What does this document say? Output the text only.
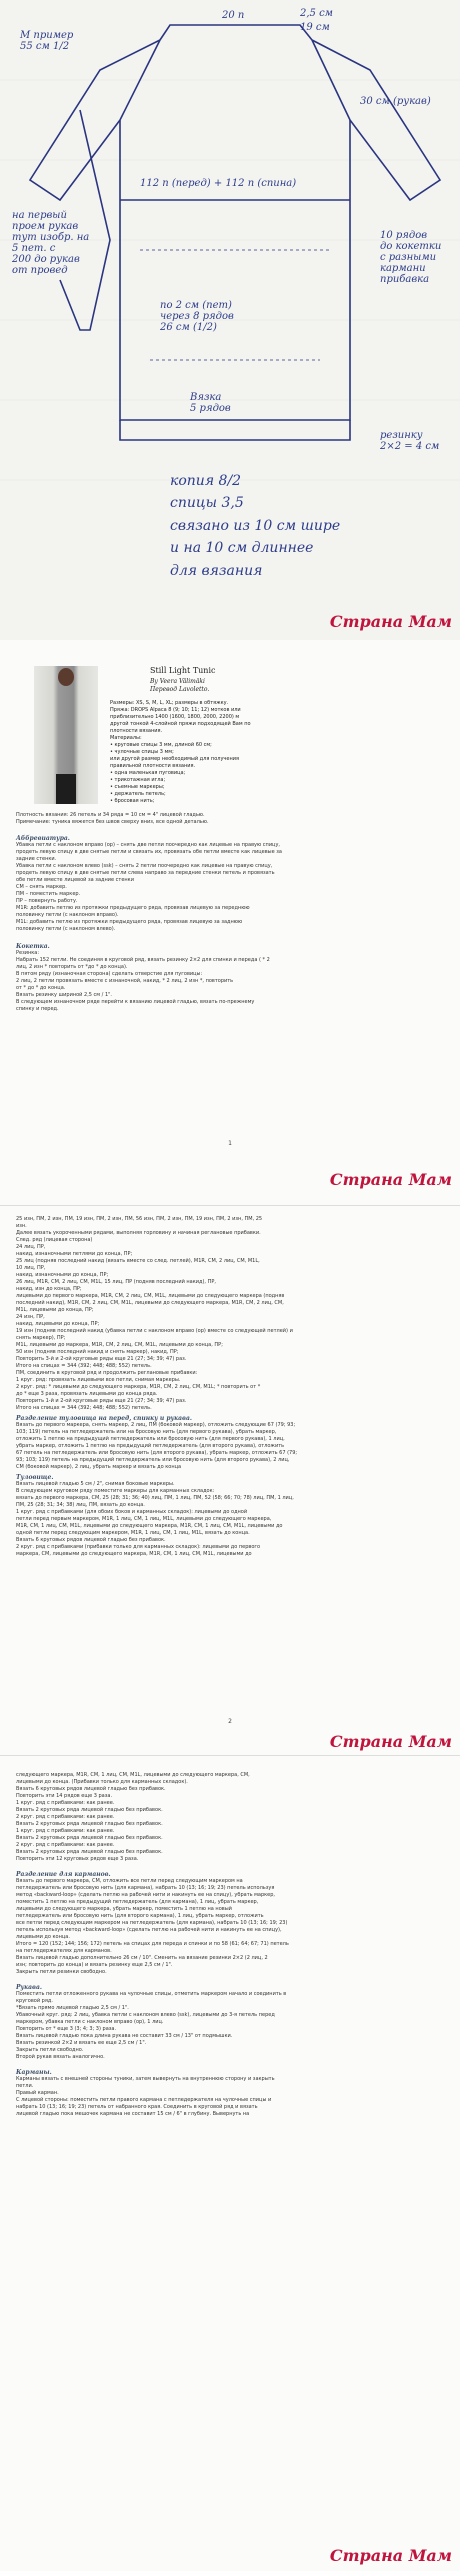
М пример
55 см 1/2
на первый
проем рукав
тут изобр. на
5 пет. с
200 до рукав
от провед
20 п	2,5 см
19 см
30 см (рукав)
112 п (перед) + 112 п (спина)
10 рядов
до кокетки
с разными
кармани
прибавка
по 2 см (пет)
через 8 рядов
26 см (1/2)
Вязка
5 рядов
резинку
2×2 = 4 см
копия 8/2
спицы 3,5
связано из 10 см шире
и на 10 см длиннее
для вязания
Страна Мам
Still Light Tunic
By Veera Välimäki
Перевод Lavoletto.
Размеры: XS, S, M, L, XL; размеры в обтяжку.
Пряжа: DROPS Alpaca 8 (9; 10; 11; 12) мотков или
приблизительно 1400 (1600, 1800, 2000, 2200) м
другой тонкой 4-слойной пряжи подходящей Вам по
плотности вязания.
Материалы:
• круговые спицы 3 мм, длиной 60 см;
• чулочные спицы 3 мм;
или другой размер необходимый для получения
правильной плотности вязания.
• одна маленькая пуговица;
• трикотажная игла;
• съемные маркеры;
• держатель петель;
• бросовая нить;
Плотность вязания: 26 петель и 34 ряда = 10 см = 4" лицевой гладью.
Примечание: туника вяжется без швов сверху вниз, все одной деталью.
Аббревиатура.
Убавка петли с наклоном вправо (ор) – снять две петли поочередно как лицевые на правую спицу,
продеть левую спицу в две снятые петли и связать их, провязать обе петли вместе как лицевые за
задние стенки.
Убавка петли с наклоном влево (ssk) – снять 2 петли поочередно как лицевые на правую спицу,
продеть левую спицу в две снятые петли слева направо за передние стенки петель и провязать
обе петли вместе лицевой за задние стенки
СМ – снять маркер.
ПМ – поместить маркер.
ПР – повернуть работу.
M1R: добавить петлю из протяжки предыдущего ряда, провязав лицевую за переднюю
половинку петли (с наклоном вправо).
M1L: добавить петлю из протяжки предыдущего ряда, провязав лицевую за заднюю
половинку петли (с наклоном влево).
Кокетка.
Резинка:
Набрать 152 петли. Не соединяя в круговой ряд, вязать резинку 2×2 для спинки и переда ( * 2
лиц, 2 изн * повторить от *до * до конца).
В пятом ряду (изнаночная сторона) сделать отверстие для пуговицы:
2 лиц, 2 петли провязать вместе с изнаночной, накид, * 2 лиц, 2 изн *, повторить
от * до * до конца.
Вязать резинку шириной 2,5 см / 1".
В следующем изнаночном ряде перейти к вязанию лицевой гладью, вязать по-прежнему
спинку и перед.
1
Страна Мам
25 изн, ПМ, 2 изн, ПМ, 19 изн, ПМ, 2 изн, ПМ, 56 изн, ПМ, 2 изн, ПМ, 19 изн, ПМ, 2 изн, ПМ, 25
изн.
Далее вязать укороченными рядами, выполняя горловину и начиная реглановые прибавки.
След. ряд (лицевая сторона)
24 лиц, ПР,
накид, изнаночными петлями до конца, ПР;
25 лиц (подняв последний накид (вязать вместе со след. петлей), M1R, СМ, 2 лиц, СМ, M1L,
10 лиц, ПР,
накид, изнаночными до конца, ПР;
26 лиц, M1R, СМ, 2 лиц, СМ, M1L, 15 лиц, ПР (подняв последний накид), ПР,
накид, изн до конца, ПР;
лицевыми до первого маркера, M1R, СМ, 2 лиц, СМ, M1L, лицевыми до следующего маркера (подняв
последний накид), M1R, СМ, 2 лиц, СМ, M1L, лицевыми до следующего маркера, M1R, СМ, 2 лиц, СМ,
M1L, лицевыми до конца, ПР;
24 изн, ПР,
накид, лицевыми до конца, ПР;
19 изн (подняв последний накид (убавка петли с наклоном вправо (ор) вместе со следующей петлей) и
снять маркер), ПР;
M1L, лицевыми до маркера, M1R, СМ, 2 лиц, СМ, M1L, лицевыми до конца, ПР;
50 изн (подняв последний накид и снять маркер), накид, ПР;
Повторить 3-й и 2-ой круговые ряды еще 21 (27; 34; 39; 47) раз.
Итого на спицах = 344 (392; 448; 488; 552) петель.
ПМ, соединить в круговой ряд и продолжить реглановые прибавки:
1 круг. ряд: провязать лицевыми все петли, снимая маркеры.
2 круг. ряд: * лицевыми до следующего маркера, M1R, СМ, 2 лиц, СМ, M1L; * повторить от *
до * еще 3 раза, провязать лицевыми до конца ряда.
Повторить 1-й и 2-ой круговые ряды еще 21 (27; 34; 39; 47) раз.
Итого на спицах = 344 (392; 448; 488; 552) петель.
Разделение туловища на перед, спинку и рукава.
Вязать до первого маркера, снять маркер, 2 лиц, ПМ (боковой маркер), отложить следующие 67 (79; 93;
103; 119) петель на петледержатель или на бросовую нить (для первого рукава), убрать маркер,
отложить 1 петлю на предыдущий петледержатель или бросовую нить (для первого рукава), 1 лиц,
убрать маркер, отложить 1 петлю на предыдущий петледержатель (для второго рукава), отложить
67 петель на петледержатель или бросовую нить (для второго рукава), убрать маркер, отложить 67 (79;
93; 103; 119) петель на предыдущий петледержатель или бросовую нить (для второго рукава), 2 лиц,
СМ (боковой маркер), 2 лиц, убрать маркер и вязать до конца
Туловище.
Вязать лицевой гладью 5 см / 2", снимая боковые маркеры.
В следующем круговом ряду поместите маркеры для карманных складок:
вязать до первого маркера, СМ, 25 (28; 31; 36; 40) лиц, ПМ, 1 лиц, ПМ, 52 (58; 66; 70; 78) лиц, ПМ, 1 лиц,
ПМ, 25 (28; 31; 34; 38) лиц, ПМ, вязать до конца.
1 круг. ряд с прибавками (для обоих боков и карманных складок): лицевыми до одной
петли перед первым маркером, M1R, 1 лиц, СМ, 1 лиц, M1L, лицевыми до следующего маркера,
M1R, СМ, 1 лиц, СМ, M1L, лицевыми до следующего маркера, M1R, СМ, 1 лиц, СМ, M1L, лицевыми до
одной петли перед следующим маркером, M1R, 1 лиц, СМ, 1 лиц, M1L, вязать до конца.
Вязать 6 круговых рядов лицевой гладью без прибавок.
2 круг. ряд с прибавками (прибавки только для карманных складок): лицевыми до первого
маркера, СМ, лицевыми до следующего маркера, M1R, СМ, 1 лиц, СМ, M1L, лицевыми до
2
Страна Мам
следующего маркера, M1R, СМ, 1 лиц, СМ, M1L, лицевыми до следующего маркера, СМ,
лицевыми до конца. (Прибавки только для карманных складок).
Вязать 6 круговых рядов лицевой гладью без прибавок.
Повторить эти 14 рядов еще 3 раза.
1 круг. ряд с прибавками: как ранее.
Вязать 2 круговых ряда лицевой гладью без прибавок.
2 круг. ряд с прибавками: как ранее.
Вязать 2 круговых ряда лицевой гладью без прибавок.
1 круг. ряд с прибавками: как ранее.
Вязать 2 круговых ряда лицевой гладью без прибавок.
2 круг. ряд с прибавками: как ранее.
Вязать 2 круговых ряда лицевой гладью без прибавок.
Повторить эти 12 круговых рядов еще 3 раза.
Разделение для карманов.
Вязать до первого маркера, СМ, отложить все петли перед следующим маркером на
петледержатель или бросовую нить (для кармана), набрать 10 (13; 16; 19; 23) петель используя
метод «backward-loop» (сделать петлю на рабочей нити и накинуть ее на спицу), убрать маркер,
поместить 1 петлю на предыдущий петледержатель (для кармана), 1 лиц, убрать маркер,
лицевыми до следующего маркера, убрать маркер, поместить 1 петлю на новый
петледержатель или бросовую нить (для второго кармана), 1 лиц, убрать маркер, отложить
все петли перед следующим маркером на петледержатель (для кармана), набрать 10 (13; 16; 19; 23)
петель используя метод «backward-loop» (сделать петлю на рабочей нити и накинуть ее на спицу),
лицевыми до конца.
Итого = 120 (152; 144; 156; 172) петель на спицах для переда и спинки и по 58 (61; 64; 67; 71) петель
на петледержателях для карманов.
Вязать лицевой гладью дополнительно 26 см / 10". Сменить на вязание резинки 2×2 (2 лиц, 2
изн; повторить до конца) и вязать резинку еще 2,5 см / 1".
Закрыть петли резинки свободно.
Рукава.
Поместить петли отложенного рукава на чулочные спицы, отметить маркером начало и соединить в
круговой ряд.
*Вязать прямо лицевой гладью 2,5 см / 1".
Убавочный круг. ряд: 2 лиц, убавка петли с наклоном влево (ssk), лицевыми до 3-я петель перед
маркером, убавка петли с наклоном вправо (ор), 1 лиц.
Повторить от * еще 3 (3; 4; 3; 3) раза.
Вязать лицевой гладью пока длина рукава не составит 33 см / 13" от подмышки.
Вязать резинкой 2×2 и вязать ее еще 2,5 см / 1".
Закрыть петли свободно.
Второй рукав вязать аналогично.
Карманы.
Карманы вязать с внешней стороны туники, затем вывернуть на внутреннюю сторону и закрыть
петли.
Правый карман.
С лицевой стороны: поместить петли правого кармана с петледержателя на чулочные спицы и
набрать 10 (13; 16; 19; 23) петель от набранного края. Соединить в круговой ряд и вязать
лицевой гладью пока мешочек кармана не составит 15 см / 6" в глубину. Вывернуть на
Страна Мам
